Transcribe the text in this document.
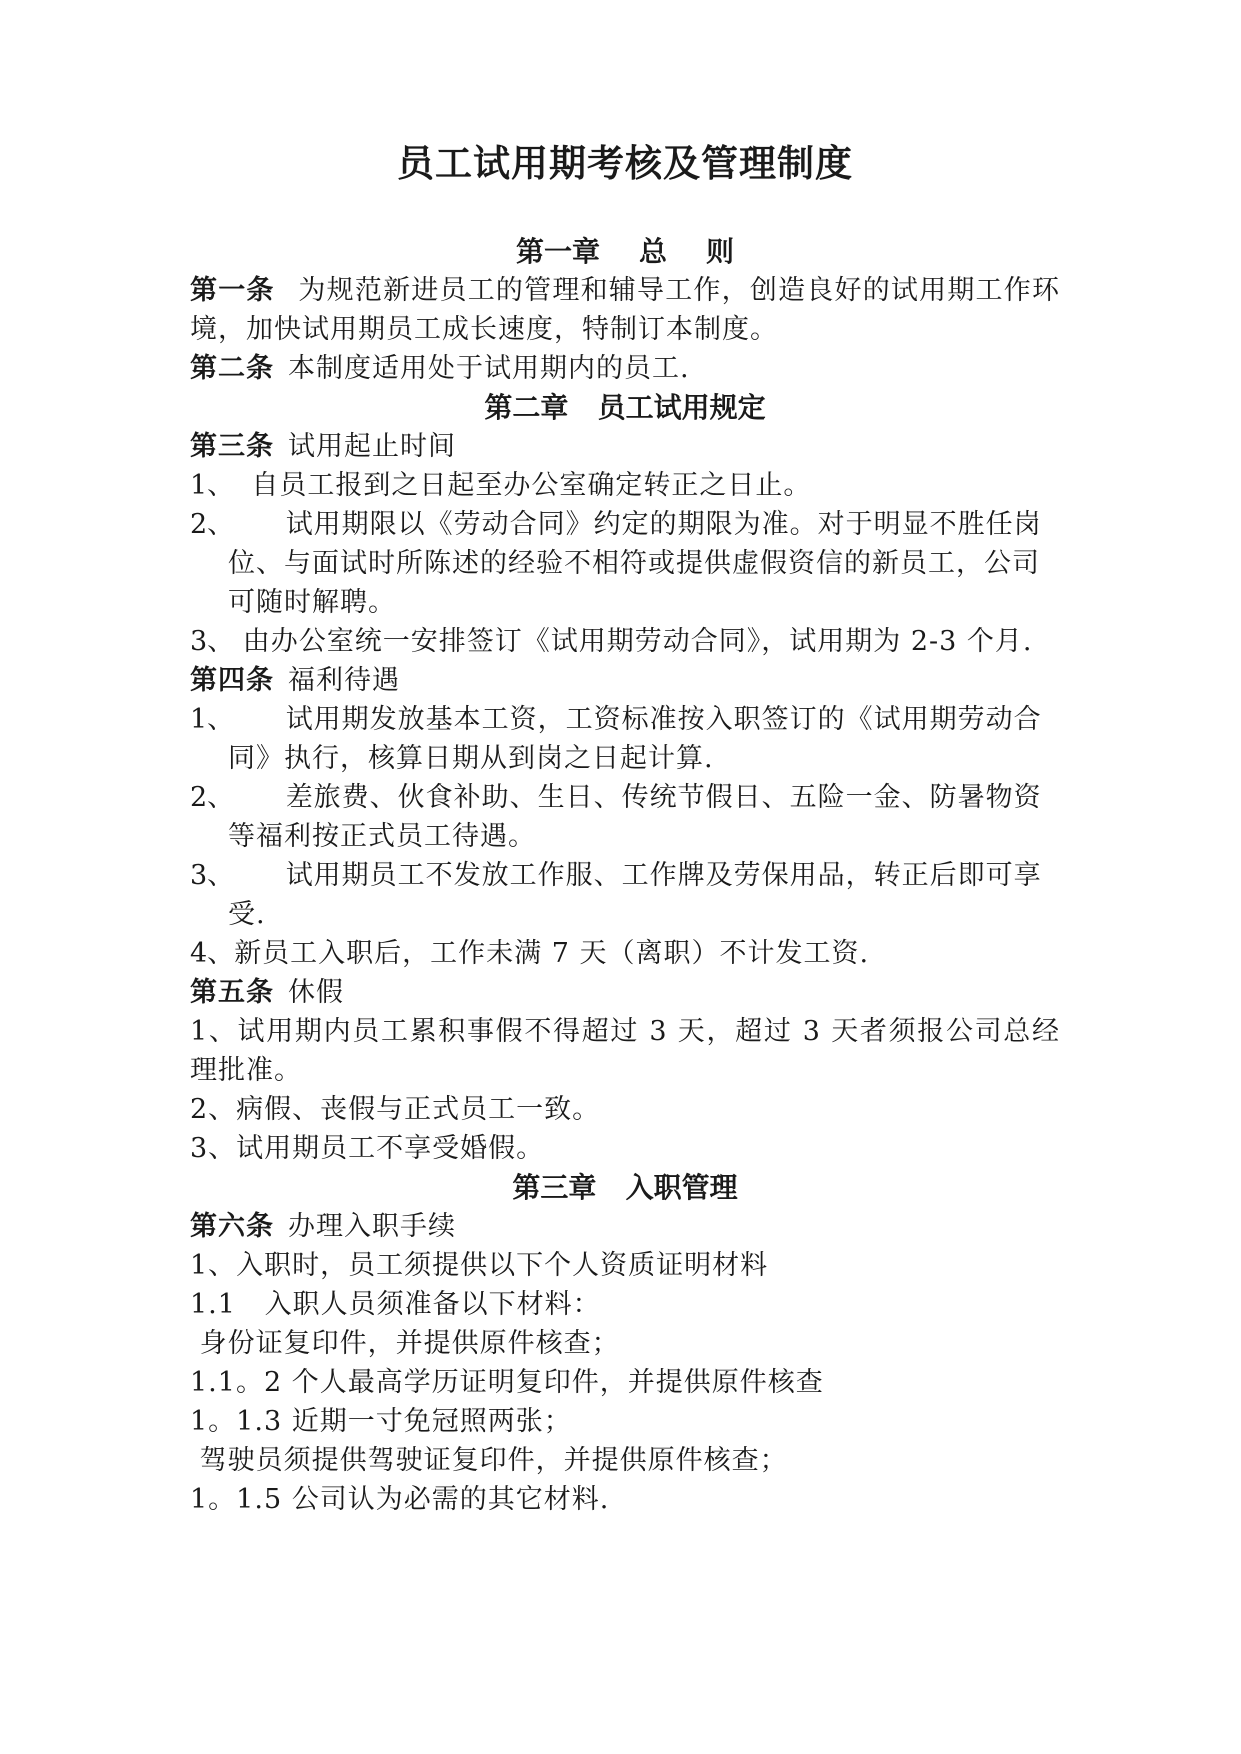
员工试用期考核及管理制度
第一章    总    则
第一条 为规范新进员工的管理和辅导工作，创造良好的试用期工作环境，加快试用期员工成长速度，特制订本制度。
第二条 本制度适用处于试用期内的员工.
第二章   员工试用规定
第三条 试用起止时间
1、 自员工报到之日起至办公室确定转正之日止。
2、 试用期限以《劳动合同》约定的期限为准。对于明显不胜任岗
位、与面试时所陈述的经验不相符或提供虚假资信的新员工，公司可随时解聘。
3、 由办公室统一安排签订《试用期劳动合同》，试用期为 2-3 个月.
第四条 福利待遇
1、 试用期发放基本工资，工资标准按入职签订的《试用期劳动合
同》执行，核算日期从到岗之日起计算.
2、 差旅费、伙食补助、生日、传统节假日、五险一金、防暑物资
等福利按正式员工待遇。
3、 试用期员工不发放工作服、工作牌及劳保用品，转正后即可享
受.
4、 新员工入职后，工作未满 7 天（离职）不计发工资.
第五条 休假
1、试用期内员工累积事假不得超过 3 天，超过 3 天者须报公司总经理批准。
2、病假、丧假与正式员工一致。
3、试用期员工不享受婚假。
第三章   入职管理
第六条 办理入职手续
1、入职时，员工须提供以下个人资质证明材料
1.1   入职人员须准备以下材料：
身份证复印件，并提供原件核查；
1.1。2 个人最高学历证明复印件，并提供原件核查
1。1.3 近期一寸免冠照两张；
驾驶员须提供驾驶证复印件，并提供原件核查；
1。1.5 公司认为必需的其它材料.
